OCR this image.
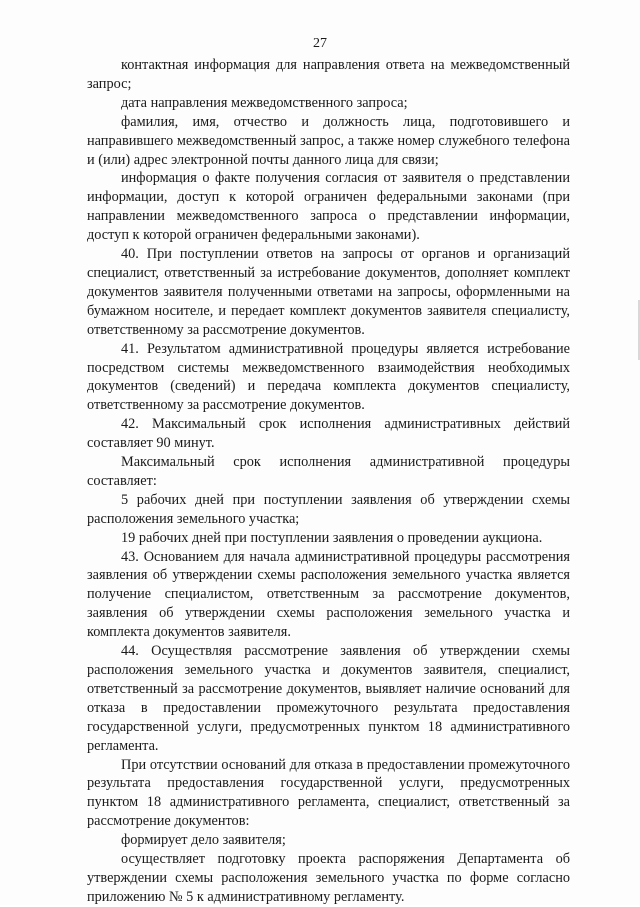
27

контактная информация для направления ответа на межведомственный запрос;

дата направления межведомственного запроса;

фамилия, имя, отчество и должность лица, подготовившего и направившего межведомственный запрос, а также номер служебного телефона и (или) адрес электронной почты данного лица для связи;

информация о факте получения согласия от заявителя о представлении информации, доступ к которой ограничен федеральными законами (при направлении межведомственного запроса о представлении информации, доступ к которой ограничен федеральными законами).

40. При поступлении ответов на запросы от органов и организаций специалист, ответственный за истребование документов, дополняет комплект документов заявителя полученными ответами на запросы, оформленными на бумажном носителе, и передает комплект документов заявителя специалисту, ответственному за рассмотрение документов.

41. Результатом административной процедуры является истребование посредством системы межведомственного взаимодействия необходимых документов (сведений) и передача комплекта документов специалисту, ответственному за рассмотрение документов.

42. Максимальный срок исполнения административных действий составляет 90 минут.

Максимальный срок исполнения административной процедуры составляет:

5 рабочих дней при поступлении заявления об утверждении схемы расположения земельного участка;

19 рабочих дней при поступлении заявления о проведении аукциона.

43. Основанием для начала административной процедуры рассмотрения заявления об утверждении схемы расположения земельного участка является получение специалистом, ответственным за рассмотрение документов, заявления об утверждении схемы расположения земельного участка и комплекта документов заявителя.

44. Осуществляя рассмотрение заявления об утверждении схемы расположения земельного участка и документов заявителя, специалист, ответственный за рассмотрение документов, выявляет наличие оснований для отказа в предоставлении промежуточного результата предоставления государственной услуги, предусмотренных пунктом 18 административного регламента.

При отсутствии оснований для отказа в предоставлении промежуточного результата предоставления государственной услуги, предусмотренных пунктом 18 административного регламента, специалист, ответственный за рассмотрение документов:

формирует дело заявителя;

осуществляет подготовку проекта распоряжения Департамента об утверждении схемы расположения земельного участка по форме согласно приложению № 5 к административному регламенту.
